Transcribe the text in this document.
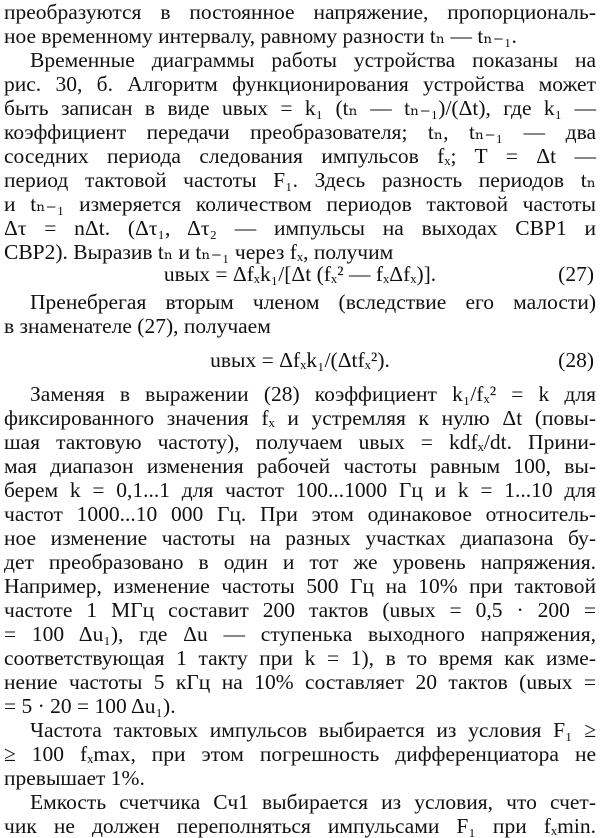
преобразуются в постоянное напряжение, пропорциональ-
ное временному интервалу, равному разности tₙ — tₙ₋₁.
Временные диаграммы работы устройства показаны на
рис. 30, б. Алгоритм функционирования устройства может
быть записан в виде uвых = k₁ (tₙ — tₙ₋₁)/(Δt), где k₁ —
коэффициент передачи преобразователя; tₙ, tₙ₋₁ — два
соседних периода следования импульсов fₓ; T = Δt —
период тактовой частоты F₁. Здесь разность периодов tₙ
и tₙ₋₁ измеряется количеством периодов тактовой частоты
Δτ = nΔt. (Δτ₁, Δτ₂ — импульсы на выходах СВР1 и
СВР2). Выразив tₙ и tₙ₋₁ через fₓ, получим
uвых = Δfₓk₁/[Δt (fₓ² — fₓΔfₓ)].	(27)
Пренебрегая вторым членом (вследствие его малости)
в знаменателе (27), получаем
uвых = Δfₓk₁/(Δtfₓ²).	(28)
Заменяя в выражении (28) коэффициент k₁/fₓ² = k для
фиксированного значения fₓ и устремляя к нулю Δt (повы-
шая тактовую частоту), получаем uвых = kdfₓ/dt. Прини-
мая диапазон изменения рабочей частоты равным 100, вы-
берем k = 0,1...1 для частот 100...1000 Гц и k = 1...10 для
частот 1000...10 000 Гц. При этом одинаковое относитель-
ное изменение частоты на разных участках диапазона бу-
дет преобразовано в один и тот же уровень напряжения.
Например, изменение частоты 500 Гц на 10% при тактовой
частоте 1 МГц составит 200 тактов (uвых = 0,5 · 200 =
= 100 Δu₁), где Δu — ступенька выходного напряжения,
соответствующая 1 такту при k = 1), в то время как изме-
нение частоты 5 кГц на 10% составляет 20 тактов (uвых =
= 5 · 20 = 100 Δu₁).
Частота тактовых импульсов выбирается из условия F₁ ≥
≥ 100 fₓmax, при этом погрешность дифференциатора не
превышает 1%.
Емкость счетчика Сч1 выбирается из условия, что счет-
чик не должен переполняться импульсами F₁ при fₓmin.
